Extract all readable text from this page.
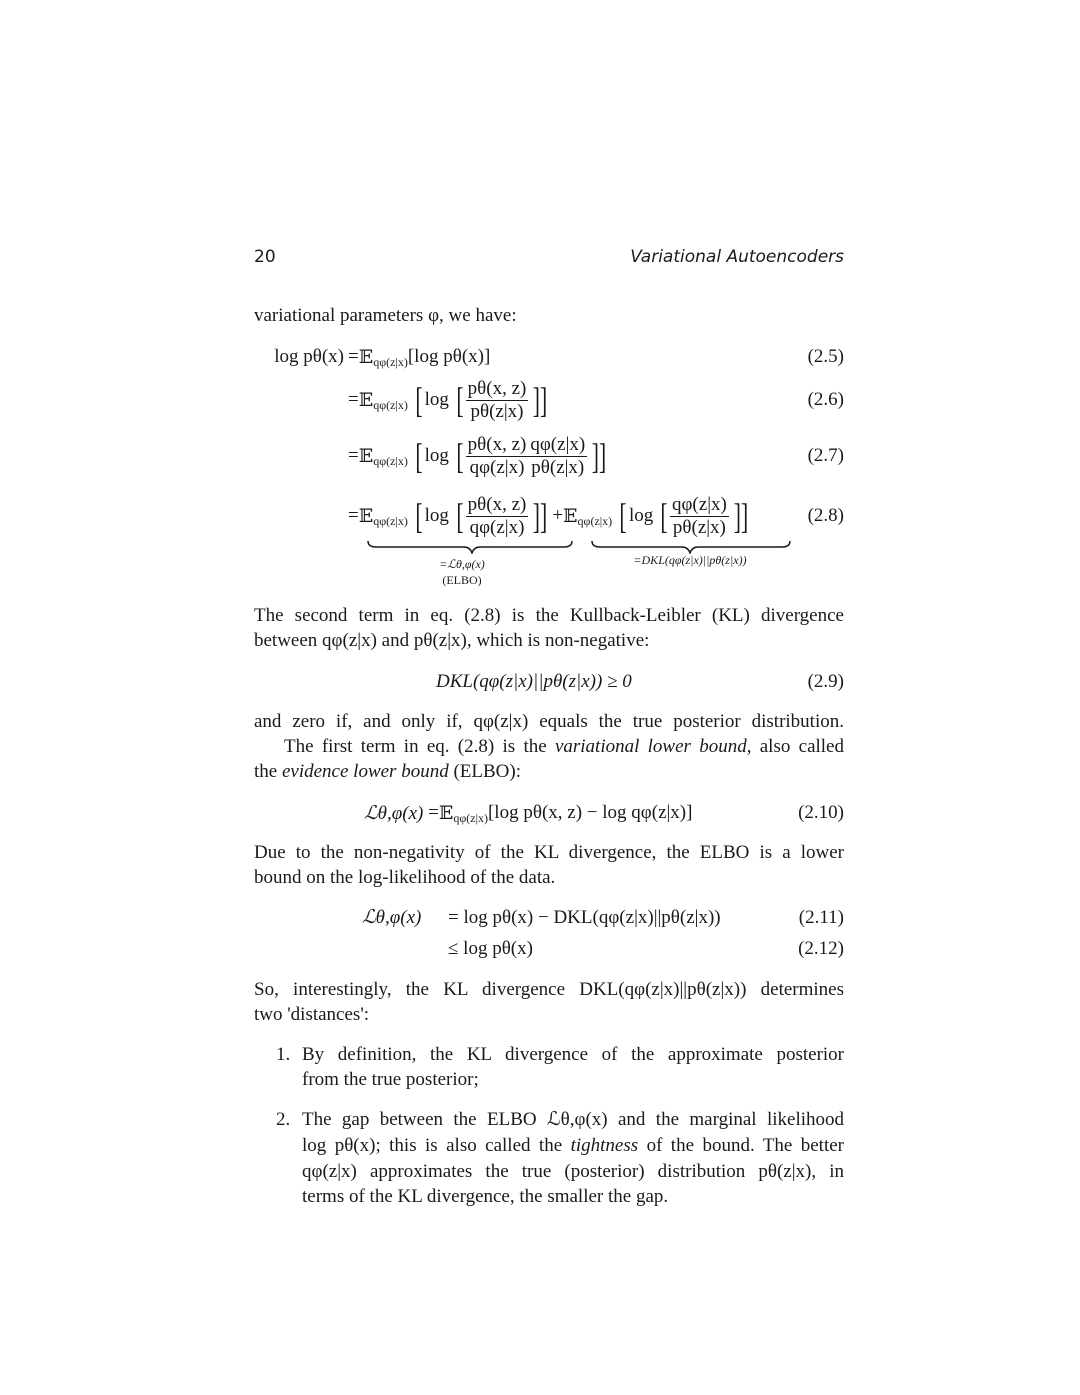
20	Variational Autoencoders
variational parameters φ, we have:
log pθ(x) = 𝔼$_{q\varphi(z|x)}$ [log pθ(x)]	(2.5)
= 𝔼$_{q\varphi(z|x)}$
[ log
[ $\frac{p\theta(x, z)}{p\theta(z|x)}$ ]]	(2.6)
= 𝔼$_{q\varphi(z|x)}$
[ log
[ $\frac{p\theta(x, z)}{q\varphi(z|x)} \frac{q\varphi(z|x)}{p\theta(z|x)}$ ]]	(2.7)
= 𝔼$_{q\varphi(z|x)}$
[ log
[ $\frac{p\theta(x, z)}{q\varphi(z|x)}$ ]] + 𝔼$_{q\varphi(z|x)}$
[ log
[ $\frac{q\varphi(z|x)}{p\theta(z|x)}$ ]]	(2.8)
=ℒθ,φ(x)
(ELBO)
=DKL(qφ(z|x)||pθ(z|x))
The second term in eq. (2.8) is the Kullback-Leibler (KL) divergence
between qφ(z|x) and pθ(z|x), which is non-negative:
DKL(qφ(z|x)||pθ(z|x)) ≥ 0	(2.9)
and zero if, and only if, qφ(z|x) equals the true posterior distribution.
The first term in eq. (2.8) is the variational lower bound, also called
the evidence lower bound (ELBO):
ℒθ,φ(x)
= 𝔼$_{q\varphi(z|x)}$ [log pθ(x, z) − log qφ(z|x)]	(2.10)
Due to the non-negativity of the KL divergence, the ELBO is a lower
bound on the log-likelihood of the data.
ℒθ,φ(x) = log pθ(x) − DKL(qφ(z|x)||pθ(z|x))	(2.11)
≤ log pθ(x)	(2.12)
So, interestingly, the KL divergence DKL(qφ(z|x)||pθ(z|x)) determines
two 'distances':
1. By definition, the KL divergence of the approximate posterior
from the true posterior;
2. The gap between the ELBO ℒθ,φ(x) and the marginal likelihood
log pθ(x); this is also called the tightness of the bound. The better
qφ(z|x) approximates the true (posterior) distribution pθ(z|x), in
terms of the KL divergence, the smaller the gap.
